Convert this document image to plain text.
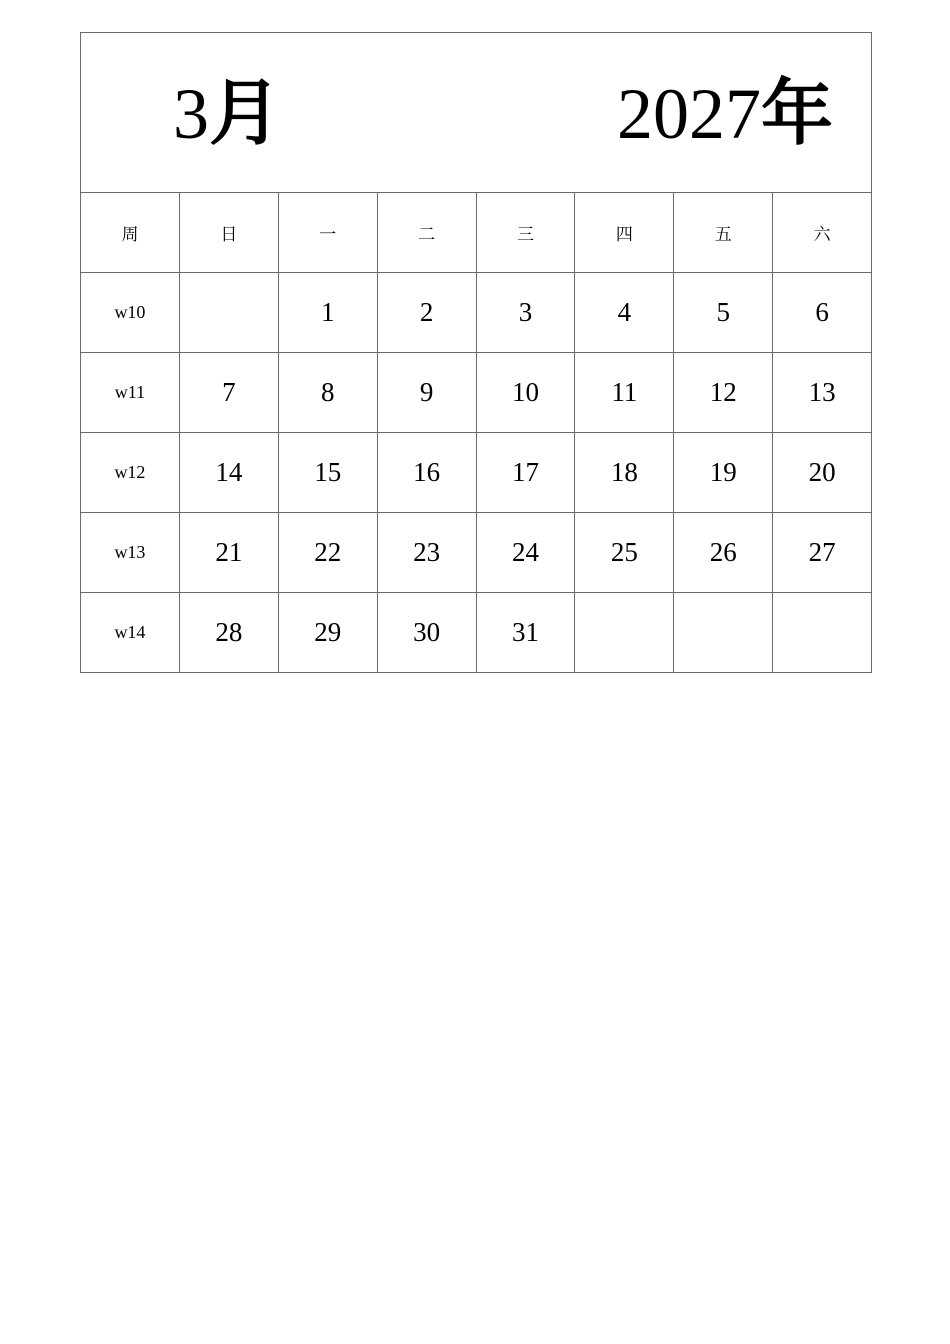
3月 2027年							

周	日	一	二	三	四	五	六
w10		1	2	3	4	5	6
w11	7	8	9	10	11	12	13
w12	14	15	16	17	18	19	20
w13	21	22	23	24	25	26	27
w14	28	29	30	31			
